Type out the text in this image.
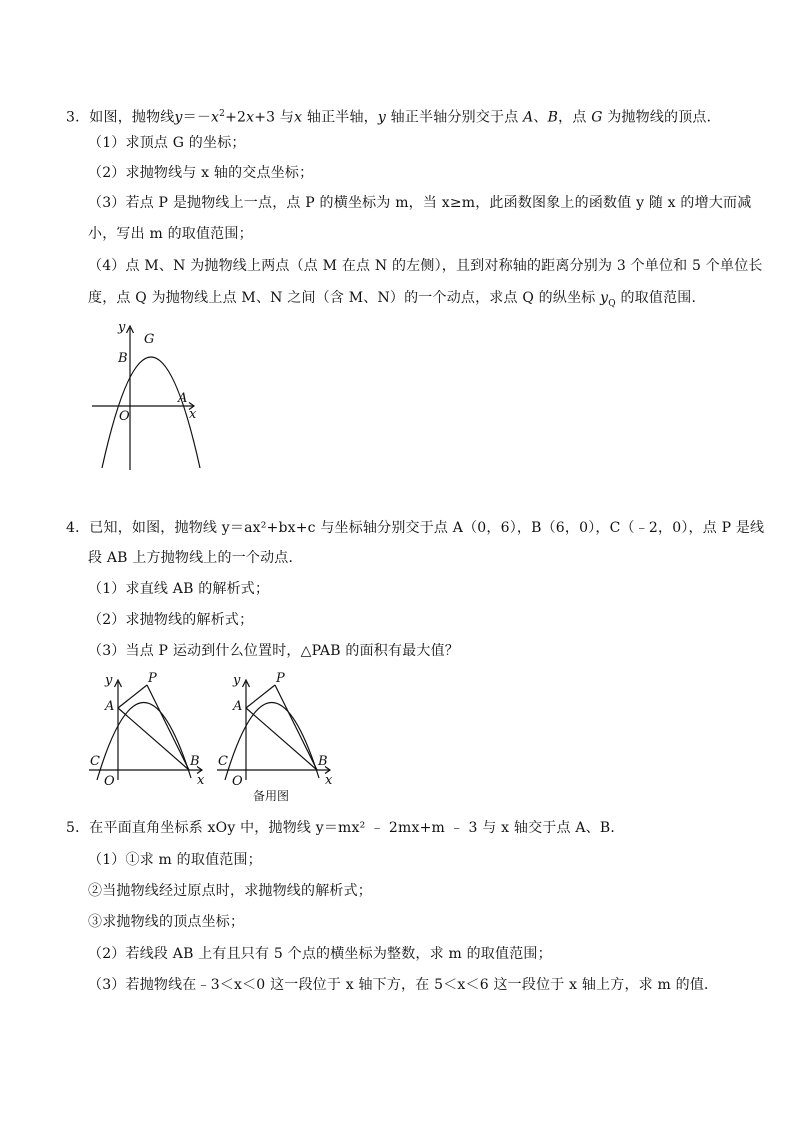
3．如图，抛物线$y=-x^2+2x+3$ 与x 轴正半轴，y 轴正半轴分别交于点 A、B，点 G 为抛物线的顶点．
（1）求顶点 G 的坐标；
（2）求抛物线与 x 轴的交点坐标；
（3）若点 P 是抛物线上一点，点 P 的横坐标为 m，当 x≥m，此函数图象上的函数值 y 随 x 的增大而减
小，写出 m 的取值范围；
（4）点 M、N 为抛物线上两点（点 M 在点 N 的左侧），且到对称轴的距离分别为 3 个单位和 5 个单位长
度，点 Q 为抛物线上点 M、N 之间（含 M、N）的一个动点，求点 Q 的纵坐标 $y_Q$ 的取值范围．
y
G
B
O
A
x
4．已知，如图，抛物线 y＝ax²+bx+c 与坐标轴分别交于点 A（0，6），B（6，0），C（﹣2，0），点 P 是线
段 AB 上方抛物线上的一个动点．
（1）求直线 AB 的解析式；
（2）求抛物线的解析式；
（3）当点 P 运动到什么位置时，△PAB 的面积有最大值？
y	P
A
C
O
B
x
y	P
A
C
O
B
x
备用图
5．在平面直角坐标系 xOy 中，抛物线 y＝mx² ﹣ 2mx+m ﹣ 3 与 x 轴交于点 A、B．
（1）①求 m 的取值范围；
②当抛物线经过原点时，求抛物线的解析式；
③求抛物线的顶点坐标；
（2）若线段 AB 上有且只有 5 个点的横坐标为整数，求 m 的取值范围；
（3）若抛物线在﹣3＜x＜0 这一段位于 x 轴下方，在 5＜x＜6 这一段位于 x 轴上方，求 m 的值．
